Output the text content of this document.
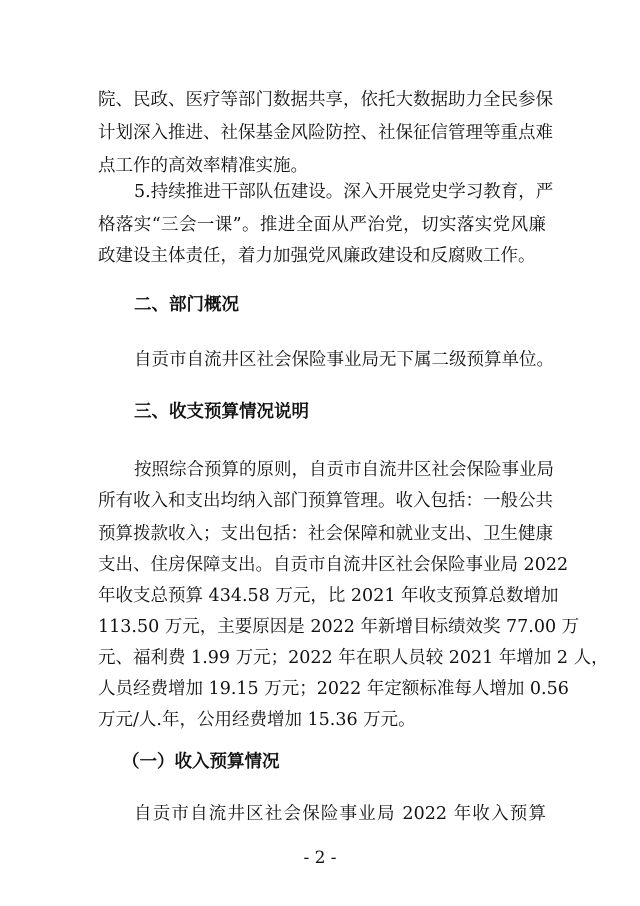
院、民政、医疗等部门数据共享，依托大数据助力全民参保
计划深入推进、社保基金风险防控、社保征信管理等重点难
点工作的高效率精准实施。
5.持续推进干部队伍建设。深入开展党史学习教育，严
格落实“三会一课”。推进全面从严治党，切实落实党风廉
政建设主体责任，着力加强党风廉政建设和反腐败工作。
二、部门概况
自贡市自流井区社会保险事业局无下属二级预算单位。
三、收支预算情况说明
按照综合预算的原则，自贡市自流井区社会保险事业局
所有收入和支出均纳入部门预算管理。收入包括：一般公共
预算拨款收入；支出包括：社会保障和就业支出、卫生健康
支出、住房保障支出。自贡市自流井区社会保险事业局 2022
年收支总预算 434.58 万元，比 2021 年收支预算总数增加
113.50 万元，主要原因是 2022 年新增目标绩效奖 77.00 万
元、福利费 1.99 万元；2022 年在职人员较 2021 年增加 2 人，
人员经费增加 19.15 万元；2022 年定额标准每人增加 0.56
万元/人.年，公用经费增加 15.36 万元。
（一）收入预算情况
自贡市自流井区社会保险事业局 2022 年收入预算
- 2 -
